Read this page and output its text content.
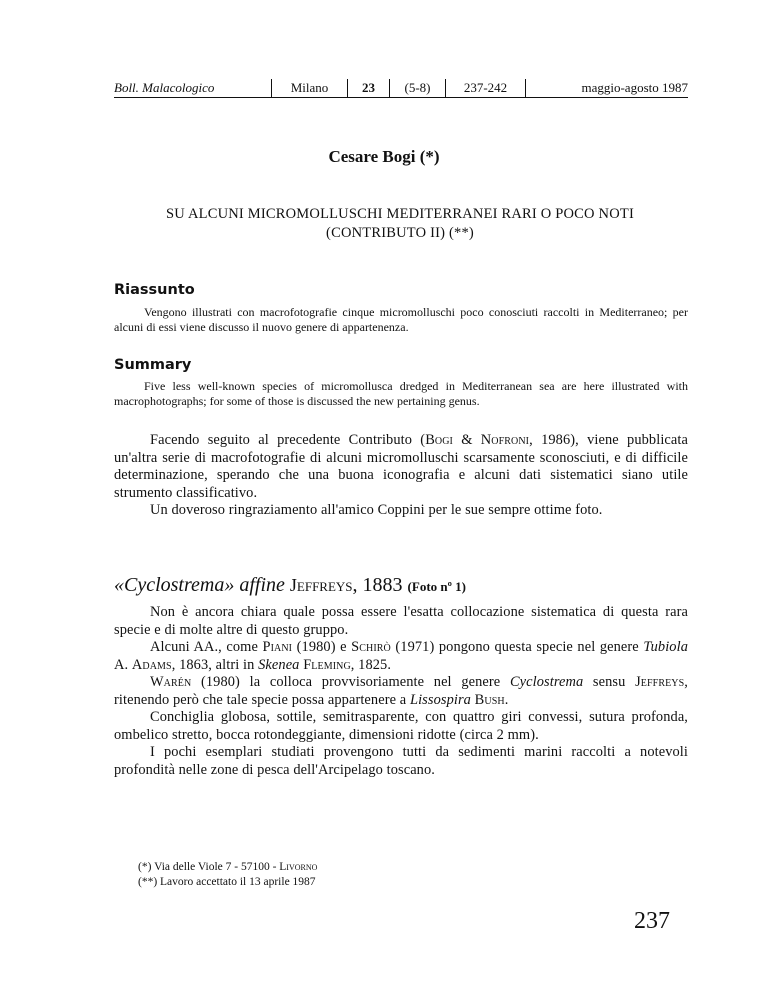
Boll. Malacologico	Milano	23	(5-8)	237-242	maggio-agosto 1987
Cesare Bogi (*)
SU ALCUNI MICROMOLLUSCHI MEDITERRANEI RARI O POCO NOTI
(CONTRIBUTO II) (**)
Riassunto

Vengono illustrati con macrofotografie cinque micromolluschi poco conosciuti raccolti in Mediterraneo; per alcuni di essi viene discusso il nuovo genere di appartenenza.

Summary

Five less well-known species of micromollusca dredged in Mediterranean sea are here illustrated with macrophotographs; for some of those is discussed the new pertaining genus.

Facendo seguito al precedente Contributo (Bogi & Nofroni, 1986), viene pubblicata un'altra serie di macrofotografie di alcuni micromolluschi scarsamente sconosciuti, e di difficile determinazione, sperando che una buona iconografia e alcuni dati sistematici siano utile strumento classificativo.

Un doveroso ringraziamento all'amico Coppini per le sue sempre ottime foto.

«Cyclostrema» affine Jeffreys, 1883 (Foto nº 1)

Non è ancora chiara quale possa essere l'esatta collocazione sistematica di questa rara specie e di molte altre di questo gruppo.

Alcuni AA., come Piani (1980) e Schirò (1971) pongono questa specie nel genere Tubiola A. Adams, 1863, altri in Skenea Fleming, 1825.

Warén (1980) la colloca provvisoriamente nel genere Cyclostrema sensu Jeffreys, ritenendo però che tale specie possa appartenere a Lissospira Bush.

Conchiglia globosa, sottile, semitrasparente, con quattro giri convessi, sutura profonda, ombelico stretto, bocca rotondeggiante, dimensioni ridotte (circa 2 mm).

I pochi esemplari studiati provengono tutti da sedimenti marini raccolti a notevoli profondità nelle zone di pesca dell'Arcipelago toscano.

(*) Via delle Viole 7 - 57100 - Livorno
(**) Lavoro accettato il 13 aprile 1987
237
